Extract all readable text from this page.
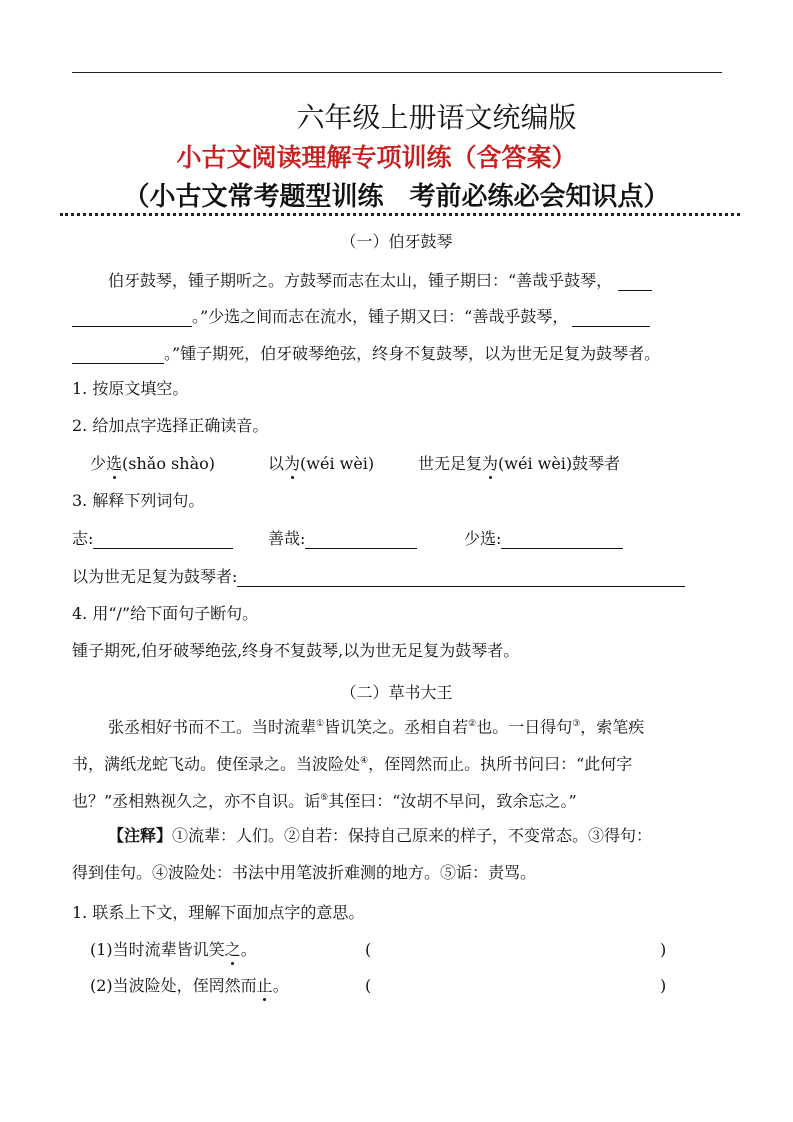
六年级上册语文统编版
小古文阅读理解专项训练（含答案）
（小古文常考题型训练　考前必练必会知识点）
（一）伯牙鼓琴
伯牙鼓琴，锺子期听之。方鼓琴而志在太山，锺子期曰：“善哉乎鼓琴，
。”少选之间而志在流水，锺子期又曰：“善哉乎鼓琴，
。”锺子期死，伯牙破琴绝弦，终身不复鼓琴，以为世无足复为鼓琴者。
1. 按原文填空。
2. 给加点字选择正确读音。
少选(shǎo shào)	以为(wéi wèi)	世无足复为(wéi wèi)鼓琴者
3. 解释下列词句。
志:	善哉:	少选:
以为世无足复为鼓琴者:
4. 用“/”给下面句子断句。
锺子期死,伯牙破琴绝弦,终身不复鼓琴,以为世无足复为鼓琴者。
（二）草书大王
张丞相好书而不工。当时流辈①皆讥笑之。丞相自若②也。一日得句③，索笔疾
书，满纸龙蛇飞动。使侄录之。当波险处④，侄罔然而止。执所书问曰：“此何字
也？”丞相熟视久之，亦不自识。诟⑤其侄曰：“汝胡不早问，致余忘之。”
【注释】①流辈：人们。②自若：保持自己原来的样子，不变常态。③得句：
得到佳句。④波险处：书法中用笔波折难测的地方。⑤诟：责骂。
1. 联系上下文，理解下面加点字的意思。
(1)当时流辈皆讥笑之。	(	)
(2)当波险处，侄罔然而止。	(	)
